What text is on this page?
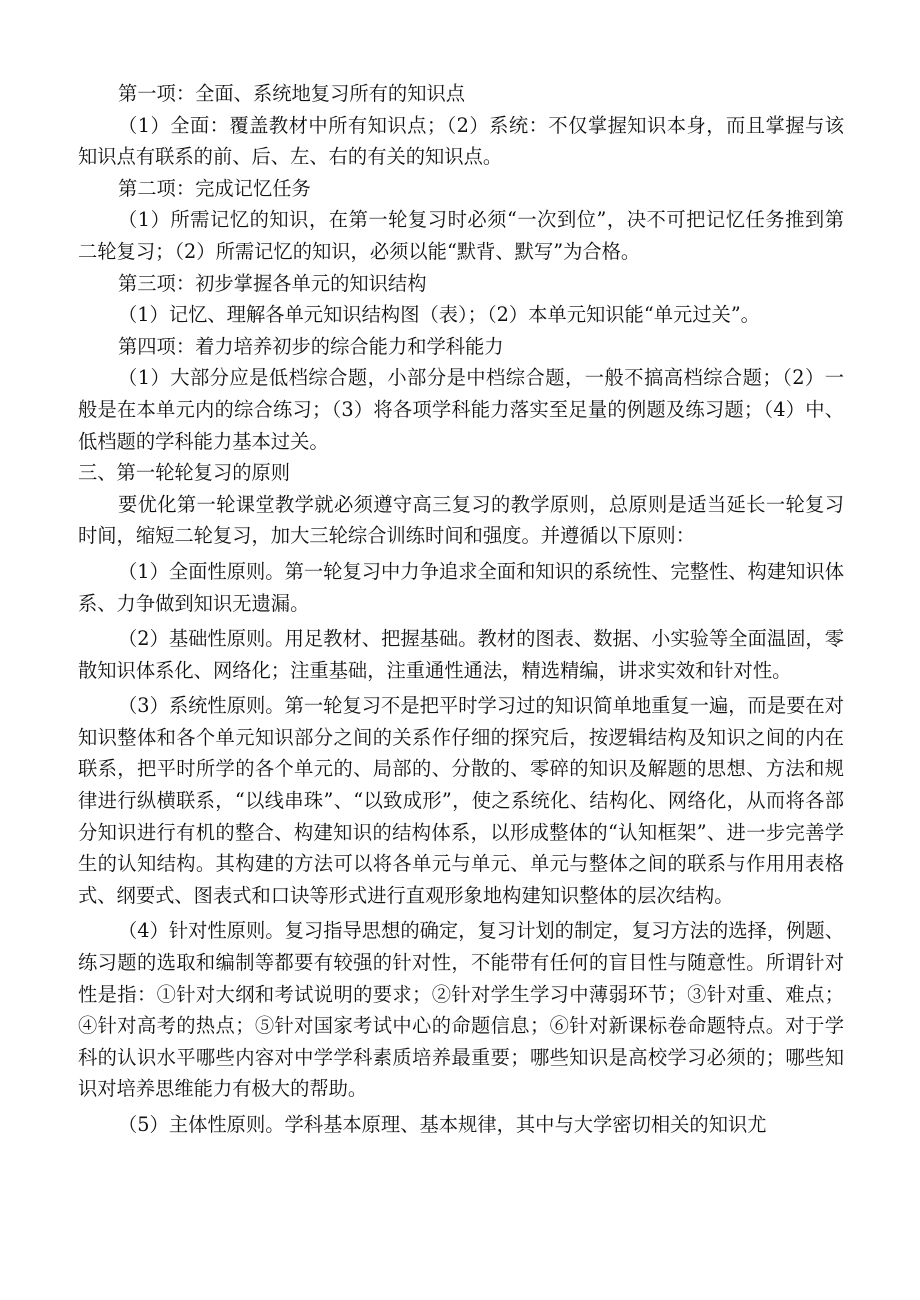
第一项：全面、系统地复习所有的知识点

（1）全面：覆盖教材中所有知识点；（2）系统：不仅掌握知识本身，而且掌握与该知识点有联系的前、后、左、右的有关的知识点。

第二项：完成记忆任务

（1）所需记忆的知识，在第一轮复习时必须“一次到位”，决不可把记忆任务推到第二轮复习；（2）所需记忆的知识，必须以能“默背、默写”为合格。

第三项：初步掌握各单元的知识结构

（1）记忆、理解各单元知识结构图（表）；（2）本单元知识能“单元过关”。

第四项：着力培养初步的综合能力和学科能力

（1）大部分应是低档综合题，小部分是中档综合题，一般不搞高档综合题；（2）一般是在本单元内的综合练习；（3）将各项学科能力落实至足量的例题及练习题；（4）中、低档题的学科能力基本过关。

三、第一轮轮复习的原则

要优化第一轮课堂教学就必须遵守高三复习的教学原则，总原则是适当延长一轮复习时间，缩短二轮复习，加大三轮综合训练时间和强度。并遵循以下原则：

（1）全面性原则。第一轮复习中力争追求全面和知识的系统性、完整性、构建知识体系、力争做到知识无遗漏。

（2）基础性原则。用足教材、把握基础。教材的图表、数据、小实验等全面温固，零散知识体系化、网络化；注重基础，注重通性通法，精选精编，讲求实效和针对性。

（3）系统性原则。第一轮复习不是把平时学习过的知识简单地重复一遍，而是要在对知识整体和各个单元知识部分之间的关系作仔细的探究后，按逻辑结构及知识之间的内在联系，把平时所学的各个单元的、局部的、分散的、零碎的知识及解题的思想、方法和规律进行纵横联系，“以线串珠”、“以致成形”，使之系统化、结构化、网络化，从而将各部分知识进行有机的整合、构建知识的结构体系，以形成整体的“认知框架”、进一步完善学生的认知结构。其构建的方法可以将各单元与单元、单元与整体之间的联系与作用用表格式、纲要式、图表式和口诀等形式进行直观形象地构建知识整体的层次结构。

（4）针对性原则。复习指导思想的确定，复习计划的制定，复习方法的选择，例题、练习题的选取和编制等都要有较强的针对性，不能带有任何的盲目性与随意性。所谓针对性是指：①针对大纲和考试说明的要求；②针对学生学习中薄弱环节；③针对重、难点；④针对高考的热点；⑤针对国家考试中心的命题信息；⑥针对新课标卷命题特点。对于学科的认识水平哪些内容对中学学科素质培养最重要；哪些知识是高校学习必须的；哪些知识对培养思维能力有极大的帮助。

（5）主体性原则。学科基本原理、基本规律，其中与大学密切相关的知识尤
